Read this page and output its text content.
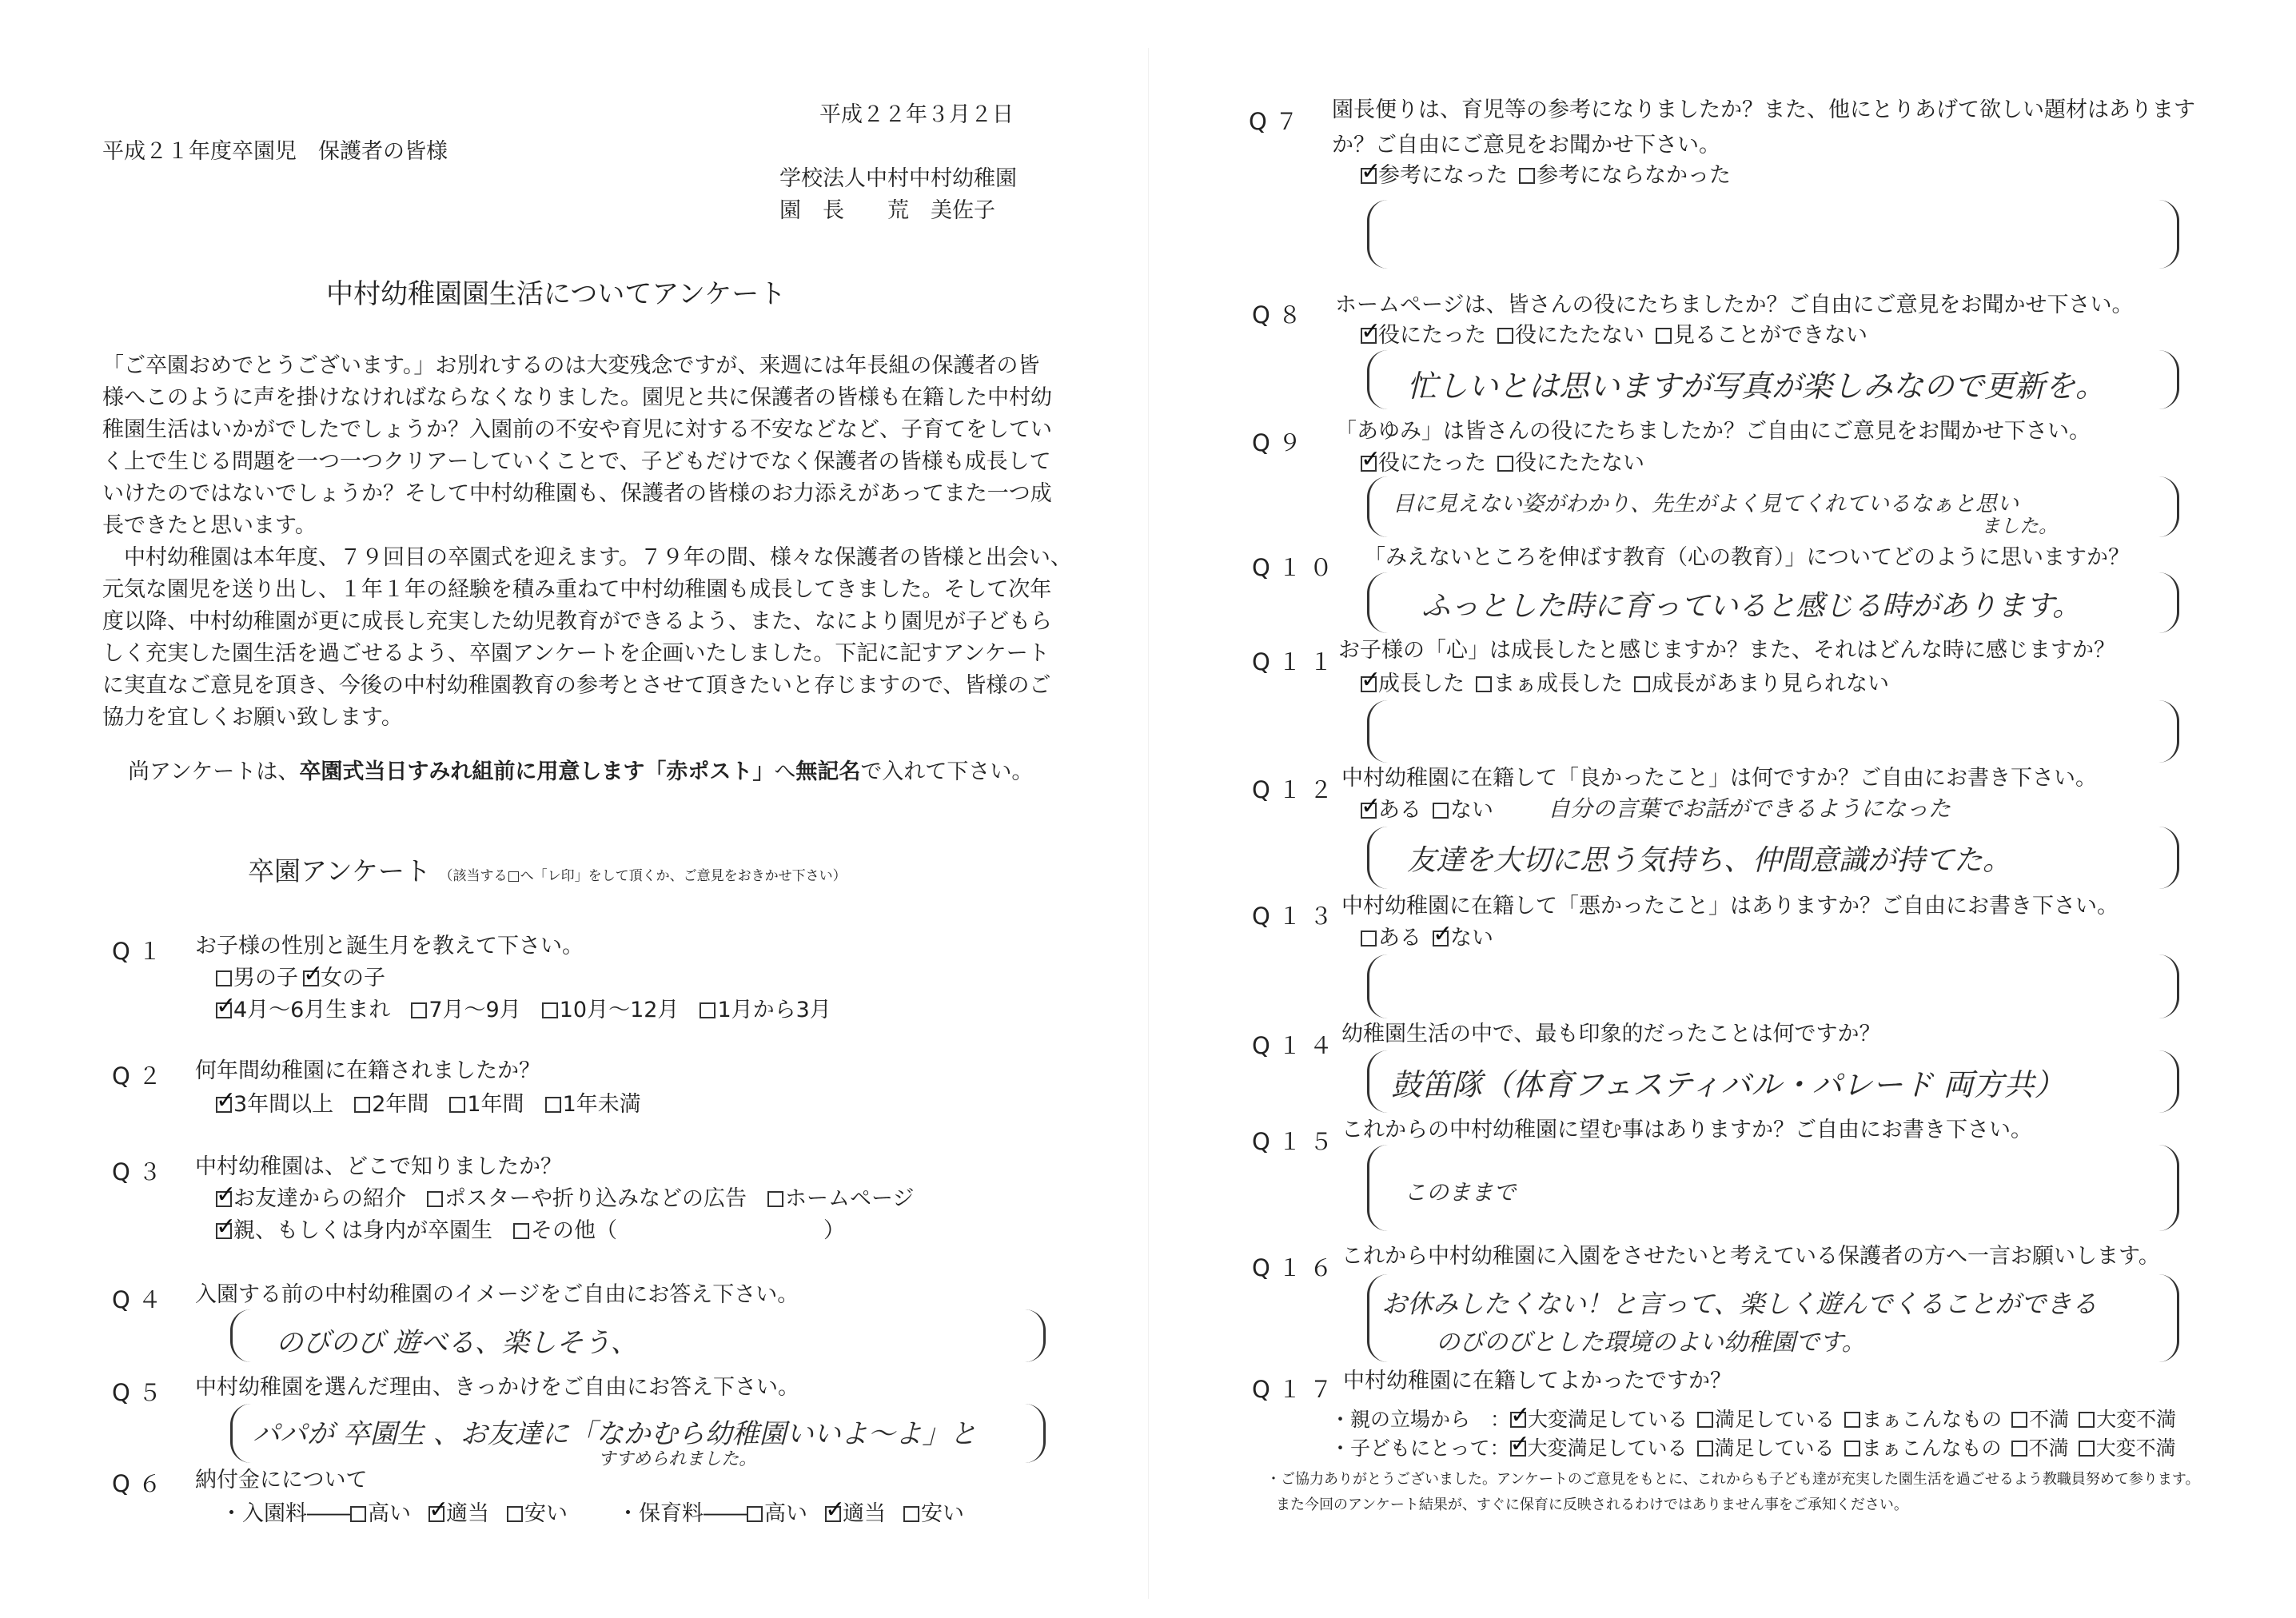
平成２２年３月２日
平成２１年度卒園児　保護者の皆様
学校法人中村中村幼稚園
園　長　　荒　美佐子
中村幼稚園園生活についてアンケート
「ご卒園おめでとうございます。」お別れするのは大変残念ですが、来週には年長組の保護者の皆
様へこのように声を掛けなければならなくなりました。園児と共に保護者の皆様も在籍した中村幼
稚園生活はいかがでしたでしょうか？入園前の不安や育児に対する不安などなど、子育てをしてい
く上で生じる問題を一つ一つクリアーしていくことで、子どもだけでなく保護者の皆様も成長して
いけたのではないでしょうか？そして中村幼稚園も、保護者の皆様のお力添えがあってまた一つ成
長できたと思います。
　中村幼稚園は本年度、７９回目の卒園式を迎えます。７９年の間、様々な保護者の皆様と出会い、
元気な園児を送り出し、１年１年の経験を積み重ねて中村幼稚園も成長してきました。そして次年
度以降、中村幼稚園が更に成長し充実した幼児教育ができるよう、また、なにより園児が子どもら
しく充実した園生活を過ごせるよう、卒園アンケートを企画いたしました。下記に記すアンケート
に実直なご意見を頂き、今後の中村幼稚園教育の参考とさせて頂きたいと存じますので、皆様のご
協力を宜しくお願い致します。
尚アンケートは、卒園式当日すみれ組前に用意します「赤ポスト」へ無記名で入れて下さい。
卒園アンケート （該当する□へ「レ印」をして頂くか、ご意見をおきかせ下さい）
Q１ お子様の性別と誕生月を教えて下さい。
男の子 ✓ 女の子
✓4月～6月生まれ 7月～9月 10月～12月 1月から3月
Q２ 何年間幼稚園に在籍されましたか？
✓3年間以上 2年間 1年間 1年未満
Q３ 中村幼稚園は、どこで知りましたか？
✓お友達からの紹介 ポスターや折り込みなどの広告 ホームページ
✓親、もしくは身内が卒園生 その他（	）
Q４ 入園する前の中村幼稚園のイメージをご自由にお答え下さい。
のびのび 遊べる、楽しそう、
Q５ 中村幼稚園を選んだ理由、きっかけをご自由にお答え下さい。
パパが 卒園生 、お友達に「なかむら幼稚園いいよ〜よ」と
すすめられました。
Q６ 納付金にについて
・入園料―― 高い ✓ 適当 安い	・保育料―― 高い ✓ 適当 安い
Q７ 園長便りは、育児等の参考になりましたか？また、他にとりあげて欲しい題材はあります
か？ご自由にご意見をお聞かせ下さい。
✓参考になった 参考にならなかった
Q８ ホームページは、皆さんの役にたちましたか？ご自由にご意見をお聞かせ下さい。
✓役にたった 役にたたない 見ることができない
忙しいとは思いますが写真が楽しみなので更新を。
Q９ 「あゆみ」は皆さんの役にたちましたか？ご自由にご意見をお聞かせ下さい。
✓役にたった 役にたたない
目に見えない姿がわかり、先生がよく見てくれているなぁと思い
ました。
Q１０ 「みえないところを伸ばす教育（心の教育）」についてどのように思いますか？
ふっとした時に育っていると感じる時があります。
Q１１
お子様の「心」は成長したと感じますか？また、それはどんな時に感じますか？
✓成長した まぁ成長した 成長があまり見られない
Q１２ 中村幼稚園に在籍して「良かったこと」は何ですか？ご自由にお書き下さい。
✓ある ない	自分の言葉でお話ができるようになった
友達を大切に思う気持ち、仲間意識が持てた。
Q１３ 中村幼稚園に在籍して「悪かったこと」はありますか？ご自由にお書き下さい。
ある ✓ ない
Q１４ 幼稚園生活の中で、最も印象的だったことは何ですか？
鼓笛隊（体育フェスティバル・パレード 両方共）
Q１５ これからの中村幼稚園に望む事はありますか？ご自由にお書き下さい。
このままで
Q１６ これから中村幼稚園に入園をさせたいと考えている保護者の方へ一言お願いします。
お休みしたくない！と言って、楽しく遊んでくることができる
のびのびとした環境のよい幼稚園です。
Q１７ 中村幼稚園に在籍してよかったですか？
・親の立場から　： ✓ 大変満足している 満足している まぁこんなもの 不満 大変不満
・子どもにとって： ✓ 大変満足している 満足している まぁこんなもの 不満 大変不満
・ご協力ありがとうございました。アンケートのご意見をもとに、これからも子ども達が充実した園生活を過ごせるよう教職員努めて参ります。
また今回のアンケート結果が、すぐに保育に反映されるわけではありません事をご承知ください。
